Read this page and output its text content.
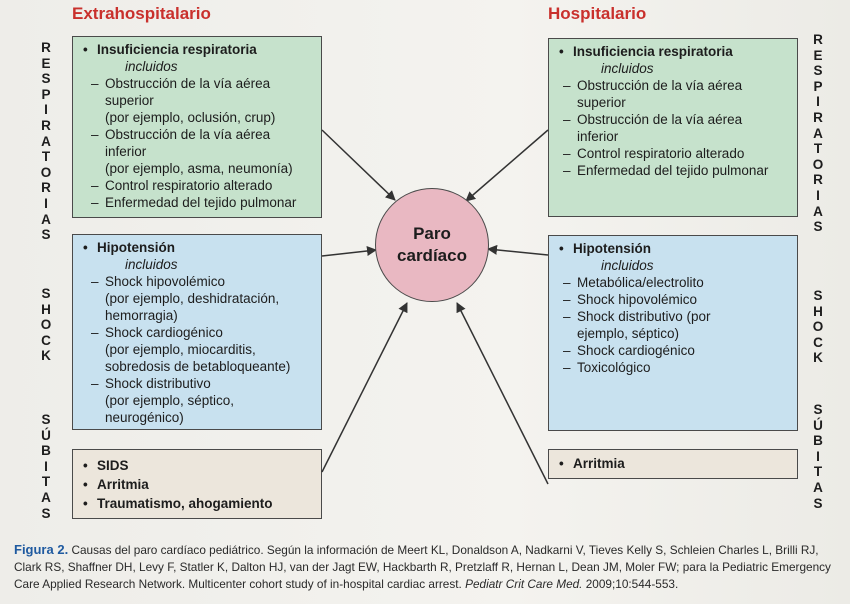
Extrahospitalario	Hospitalario
R
E
S
P
I
R
A
T
O
R
I
A
S
S
H
O
C
K
S
Ú
B
I
T
A
S
R
E
S
P
I
R
A
T
O
R
I
A
S
S
H
O
C
K
S
Ú
B
I
T
A
S
• Insuficiencia respiratoria
incluidos
– Obstrucción de la vía aérea
superior
(por ejemplo, oclusión, crup)
– Obstrucción de la vía aérea
inferior
(por ejemplo, asma, neumonía)
– Control respiratorio alterado
– Enfermedad del tejido pulmonar
• Hipotensión
incluidos
– Shock hipovolémico
(por ejemplo, deshidratación,
hemorragia)
– Shock cardiogénico
(por ejemplo, miocarditis,
sobredosis de betabloqueante)
– Shock distributivo
(por ejemplo, séptico,
neurogénico)
• SIDS
• Arritmia
• Traumatismo, ahogamiento
• Insuficiencia respiratoria
incluidos
– Obstrucción de la vía aérea
superior
– Obstrucción de la vía aérea
inferior
– Control respiratorio alterado
– Enfermedad del tejido pulmonar
• Hipotensión
incluidos
– Metabólica/electrolito
– Shock hipovolémico
– Shock distributivo (por
ejemplo, séptico)
– Shock cardiogénico
– Toxicológico
• Arritmia
Paro
cardíaco
Figura 2. Causas del paro cardíaco pediátrico. Según la información de Meert KL, Donaldson A, Nadkarni V, Tieves Kelly S, Schleien Charles L, Brilli RJ, Clark RS, Shaffner DH, Levy F, Statler K, Dalton HJ, van der Jagt EW, Hackbarth R, Pretzlaff R, Hernan L, Dean JM, Moler FW; para la Pediatric Emergency Care Applied Research Network. Multicenter cohort study of in-hospital cardiac arrest. Pediatr Crit Care Med. 2009;10:544-553.
